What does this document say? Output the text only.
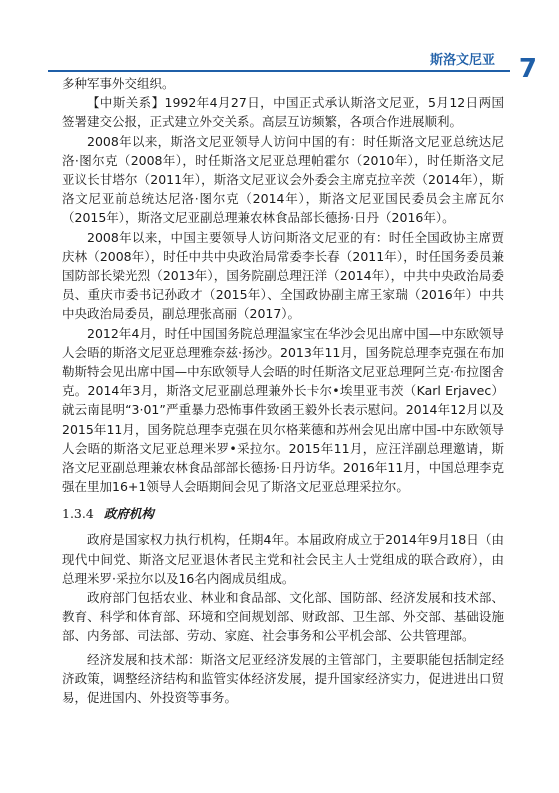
斯洛文尼亚 7

多种军事外交组织。

【中斯关系】1992年4月27日，中国正式承认斯洛文尼亚，5月12日两国签署建交公报，正式建立外交关系。高层互访频繁，各项合作进展顺利。

2008年以来，斯洛文尼亚领导人访问中国的有：时任斯洛文尼亚总统达尼洛·图尔克（2008年），时任斯洛文尼亚总理帕霍尔（2010年），时任斯洛文尼亚议长甘塔尔（2011年），斯洛文尼亚议会外委会主席克拉辛茨（2014年），斯洛文尼亚前总统达尼洛·图尔克（2014年），斯洛文尼亚国民委员会主席瓦尔（2015年），斯洛文尼亚副总理兼农林食品部长德扬·日丹（2016年）。

2008年以来，中国主要领导人访问斯洛文尼亚的有：时任全国政协主席贾庆林（2008年），时任中共中央政治局常委李长春（2011年），时任国务委员兼国防部长梁光烈（2013年），国务院副总理汪洋（2014年），中共中央政治局委员、重庆市委书记孙政才（2015年）、全国政协副主席王家瑞（2016年）中共中央政治局委员，副总理张高丽（2017）。

2012年4月，时任中国国务院总理温家宝在华沙会见出席中国—中东欧领导人会晤的斯洛文尼亚总理雅奈兹·扬沙。2013年11月，国务院总理李克强在布加勒斯特会见出席中国—中东欧领导人会晤的时任斯洛文尼亚总理阿兰克·布拉图舍克。2014年3月，斯洛文尼亚副总理兼外长卡尔•埃里亚韦茨（Karl Erjavec）就云南昆明“3·01”严重暴力恐怖事件致函王毅外长表示慰问。2014年12月以及2015年11月，国务院总理李克强在贝尔格莱德和苏州会见出席中国-中东欧领导人会晤的斯洛文尼亚总理米罗•采拉尔。2015年11月，应汪洋副总理邀请，斯洛文尼亚副总理兼农林食品部部长德扬·日丹访华。2016年11月，中国总理李克强在里加16+1领导人会晤期间会见了斯洛文尼亚总理采拉尔。

1.3.4 政府机构

政府是国家权力执行机构，任期4年。本届政府成立于2014年9月18日（由现代中间党、斯洛文尼亚退休者民主党和社会民主人士党组成的联合政府），由总理米罗·采拉尔以及16名内阁成员组成。

政府部门包括农业、林业和食品部、文化部、国防部、经济发展和技术部、教育、科学和体育部、环境和空间规划部、财政部、卫生部、外交部、基础设施部、内务部、司法部、劳动、家庭、社会事务和公平机会部、公共管理部。

经济发展和技术部：斯洛文尼亚经济发展的主管部门，主要职能包括制定经济政策，调整经济结构和监管实体经济发展，提升国家经济实力，促进进出口贸易，促进国内、外投资等事务。
